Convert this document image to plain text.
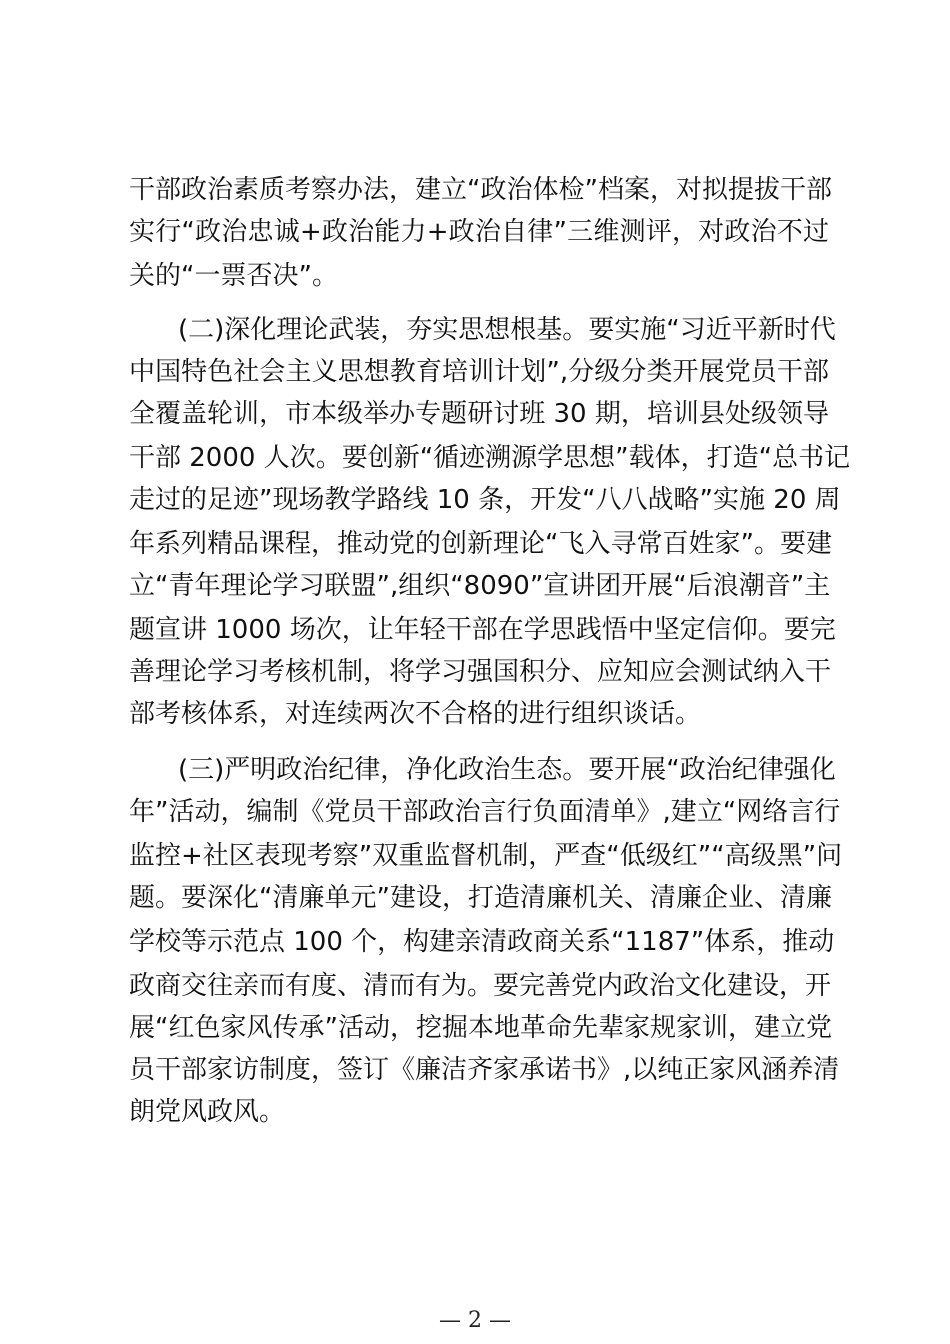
干部政治素质考察办法，建立“政治体检”档案，对拟提拔干部
实行“政治忠诚+政治能力+政治自律”三维测评，对政治不过
关的“一票否决”。
(二)深化理论武装，夯实思想根基。要实施“习近平新时代
中国特色社会主义思想教育培训计划”,分级分类开展党员干部
全覆盖轮训，市本级举办专题研讨班 30 期，培训县处级领导
干部 2000 人次。要创新“循迹溯源学思想”载体，打造“总书记
走过的足迹”现场教学路线 10 条，开发“八八战略”实施 20 周
年系列精品课程，推动党的创新理论“飞入寻常百姓家”。要建
立“青年理论学习联盟”,组织“8090”宣讲团开展“后浪潮音”主
题宣讲 1000 场次，让年轻干部在学思践悟中坚定信仰。要完
善理论学习考核机制，将学习强国积分、应知应会测试纳入干
部考核体系，对连续两次不合格的进行组织谈话。
(三)严明政治纪律，净化政治生态。要开展“政治纪律强化
年”活动，编制《党员干部政治言行负面清单》,建立“网络言行
监控+社区表现考察”双重监督机制，严查“低级红”“高级黑”问
题。要深化“清廉单元”建设，打造清廉机关、清廉企业、清廉
学校等示范点 100 个，构建亲清政商关系“1187”体系，推动
政商交往亲而有度、清而有为。要完善党内政治文化建设，开
展“红色家风传承”活动，挖掘本地革命先辈家规家训，建立党
员干部家访制度，签订《廉洁齐家承诺书》,以纯正家风涵养清
朗党风政风。
— 2 —
